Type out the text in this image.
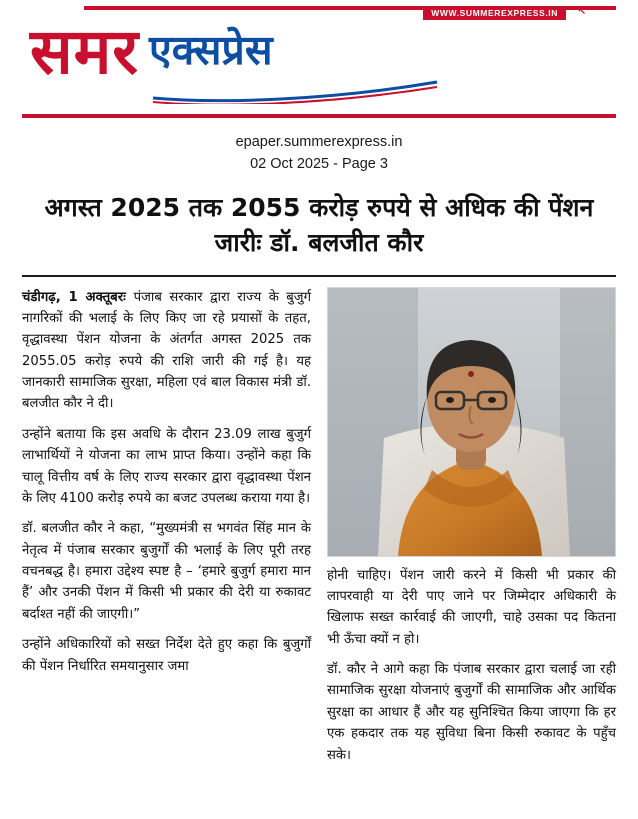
समर
WWW.SUMMEREXPRESS.IN	↖
एक्सप्रेस
epaper.summerexpress.in
02 Oct 2025 - Page 3
अगस्त 2025 तक 2055 करोड़ रुपये से अधिक की पेंशन जारीः डॉ. बलजीत कौर

चंडीगढ़, 1 अक्तूबरः पंजाब सरकार द्वारा राज्य के बुजुर्ग नागरिकों की भलाई के लिए किए जा रहे प्रयासों के तहत, वृद्धावस्था पेंशन योजना के अंतर्गत अगस्त 2025 तक 2055.05 करोड़ रुपये की राशि जारी की गई है। यह जानकारी सामाजिक सुरक्षा, महिला एवं बाल विकास मंत्री डॉ. बलजीत कौर ने दी।

उन्होंने बताया कि इस अवधि के दौरान 23.09 लाख बुजुर्ग लाभार्थियों ने योजना का लाभ प्राप्त किया। उन्होंने कहा कि चालू वित्तीय वर्ष के लिए राज्य सरकार द्वारा वृद्धावस्था पेंशन के लिए 4100 करोड़ रुपये का बजट उपलब्ध कराया गया है।

डॉ. बलजीत कौर ने कहा, “मुख्यमंत्री स भगवंत सिंह मान के नेतृत्व में पंजाब सरकार बुजुर्गों की भलाई के लिए पूरी तरह वचनबद्ध है। हमारा उद्देश्य स्पष्ट है – ‘हमारे बुजुर्ग हमारा मान हैं’ और उनकी पेंशन में किसी भी प्रकार की देरी या रुकावट बर्दाश्त नहीं की जाएगी।”

उन्होंने अधिकारियों को सख्त निर्देश देते हुए कहा कि बुजुर्गों की पेंशन निर्धारित समयानुसार जमा

होनी चाहिए। पेंशन जारी करने में किसी भी प्रकार की लापरवाही या देरी पाए जाने पर जिम्मेदार अधिकारी के खिलाफ सख्त कार्रवाई की जाएगी, चाहे उसका पद कितना भी ऊँचा क्यों न हो।

डॉ. कौर ने आगे कहा कि पंजाब सरकार द्वारा चलाई जा रही सामाजिक सुरक्षा योजनाएं बुजुर्गों की सामाजिक और आर्थिक सुरक्षा का आधार हैं और यह सुनिश्चित किया जाएगा कि हर एक हकदार तक यह सुविधा बिना किसी रुकावट के पहुँच सके।
